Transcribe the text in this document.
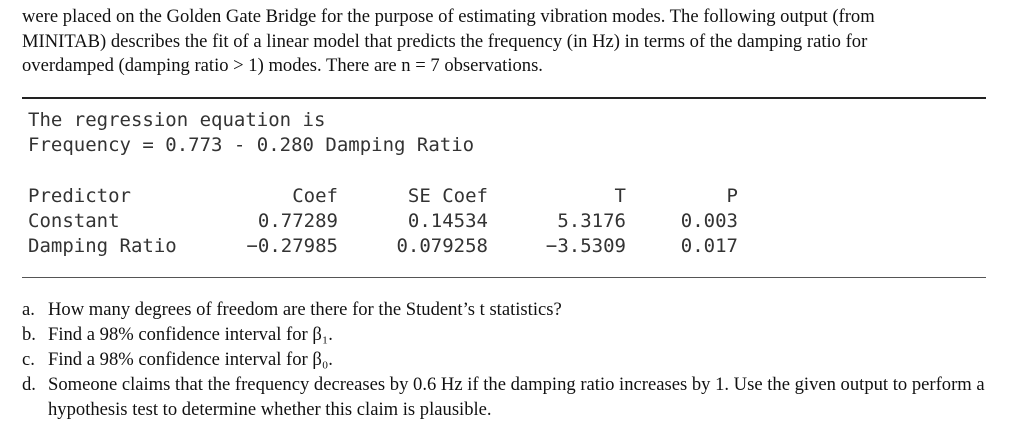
were placed on the Golden Gate Bridge for the purpose of estimating vibration modes. The following output (from
MINITAB) describes the fit of a linear model that predicts the frequency (in Hz) in terms of the damping ratio for
overdamped (damping ratio > 1) modes. There are n = 7 observations.
The regression equation is
Frequency = 0.773 - 0.280 Damping Ratio
Predictor	Coef	SE Coef	T	P
Constant	0.77289	0.14534	5.3176	0.003
Damping Ratio	−0.27985	0.079258	−3.5309	0.017
a. How many degrees of freedom are there for the Student’s t statistics?
b. Find a 98% confidence interval for β₁.
c. Find a 98% confidence interval for β₀.
d. Someone claims that the frequency decreases by 0.6 Hz if the damping ratio increases by 1. Use the given output to perform a hypothesis test to determine whether this claim is plausible.
